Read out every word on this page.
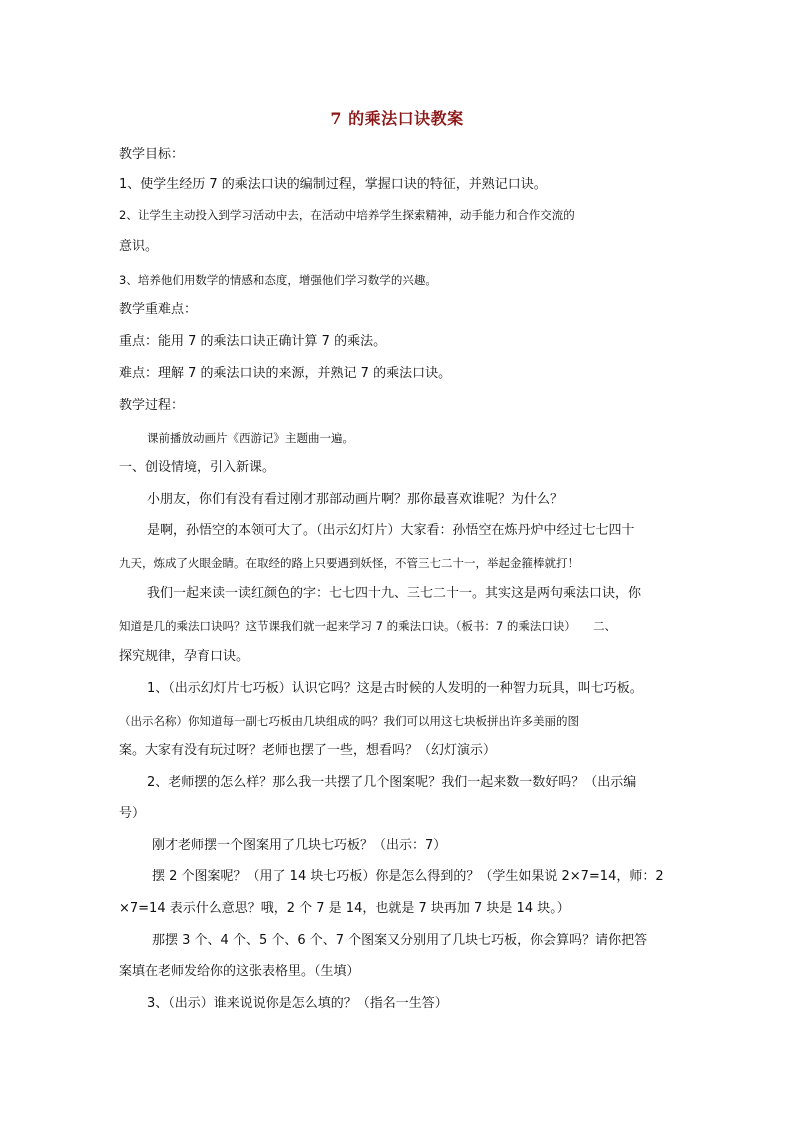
7 的乘法口诀教案
教学目标：
1、使学生经历 7 的乘法口诀的编制过程，掌握口诀的特征，并熟记口诀。
2、让学生主动投入到学习活动中去，在活动中培养学生探索精神，动手能力和合作交流的
意识。
3、培养他们用数学的情感和态度，增强他们学习数学的兴趣。
教学重难点：
重点：能用 7 的乘法口诀正确计算 7 的乘法。
难点：理解 7 的乘法口诀的来源，并熟记 7 的乘法口诀。
教学过程：
课前播放动画片《西游记》主题曲一遍。
一、创设情境，引入新课。
小朋友，你们有没有看过刚才那部动画片啊？那你最喜欢谁呢？为什么？
是啊，孙悟空的本领可大了。（出示幻灯片）大家看：孙悟空在炼丹炉中经过七七四十
九天，炼成了火眼金睛。在取经的路上只要遇到妖怪，不管三七二十一，举起金箍棒就打！
我们一起来读一读红颜色的字：七七四十九、三七二十一。其实这是两句乘法口诀，你
知道是几的乘法口诀吗？这节课我们就一起来学习 7 的乘法口诀。（板书：7 的乘法口诀）　　二、
探究规律，孕育口诀。
1、（出示幻灯片七巧板）认识它吗？这是古时候的人发明的一种智力玩具，叫七巧板。
（出示名称）你知道每一副七巧板由几块组成的吗？我们可以用这七块板拼出许多美丽的图
案。大家有没有玩过呀？老师也摆了一些，想看吗？（幻灯演示）
2、老师摆的怎么样？那么我一共摆了几个图案呢？我们一起来数一数好吗？（出示编
号）
刚才老师摆一个图案用了几块七巧板？（出示：7）
摆 2 个图案呢？（用了 14 块七巧板）你是怎么得到的？（学生如果说 2×7=14，师：2
×7=14 表示什么意思？哦，2 个 7 是 14，也就是 7 块再加 7 块是 14 块。）
那摆 3 个、4 个、5 个、6 个、7 个图案又分别用了几块七巧板，你会算吗？请你把答
案填在老师发给你的这张表格里。（生填）
3、（出示）谁来说说你是怎么填的？（指名一生答）
